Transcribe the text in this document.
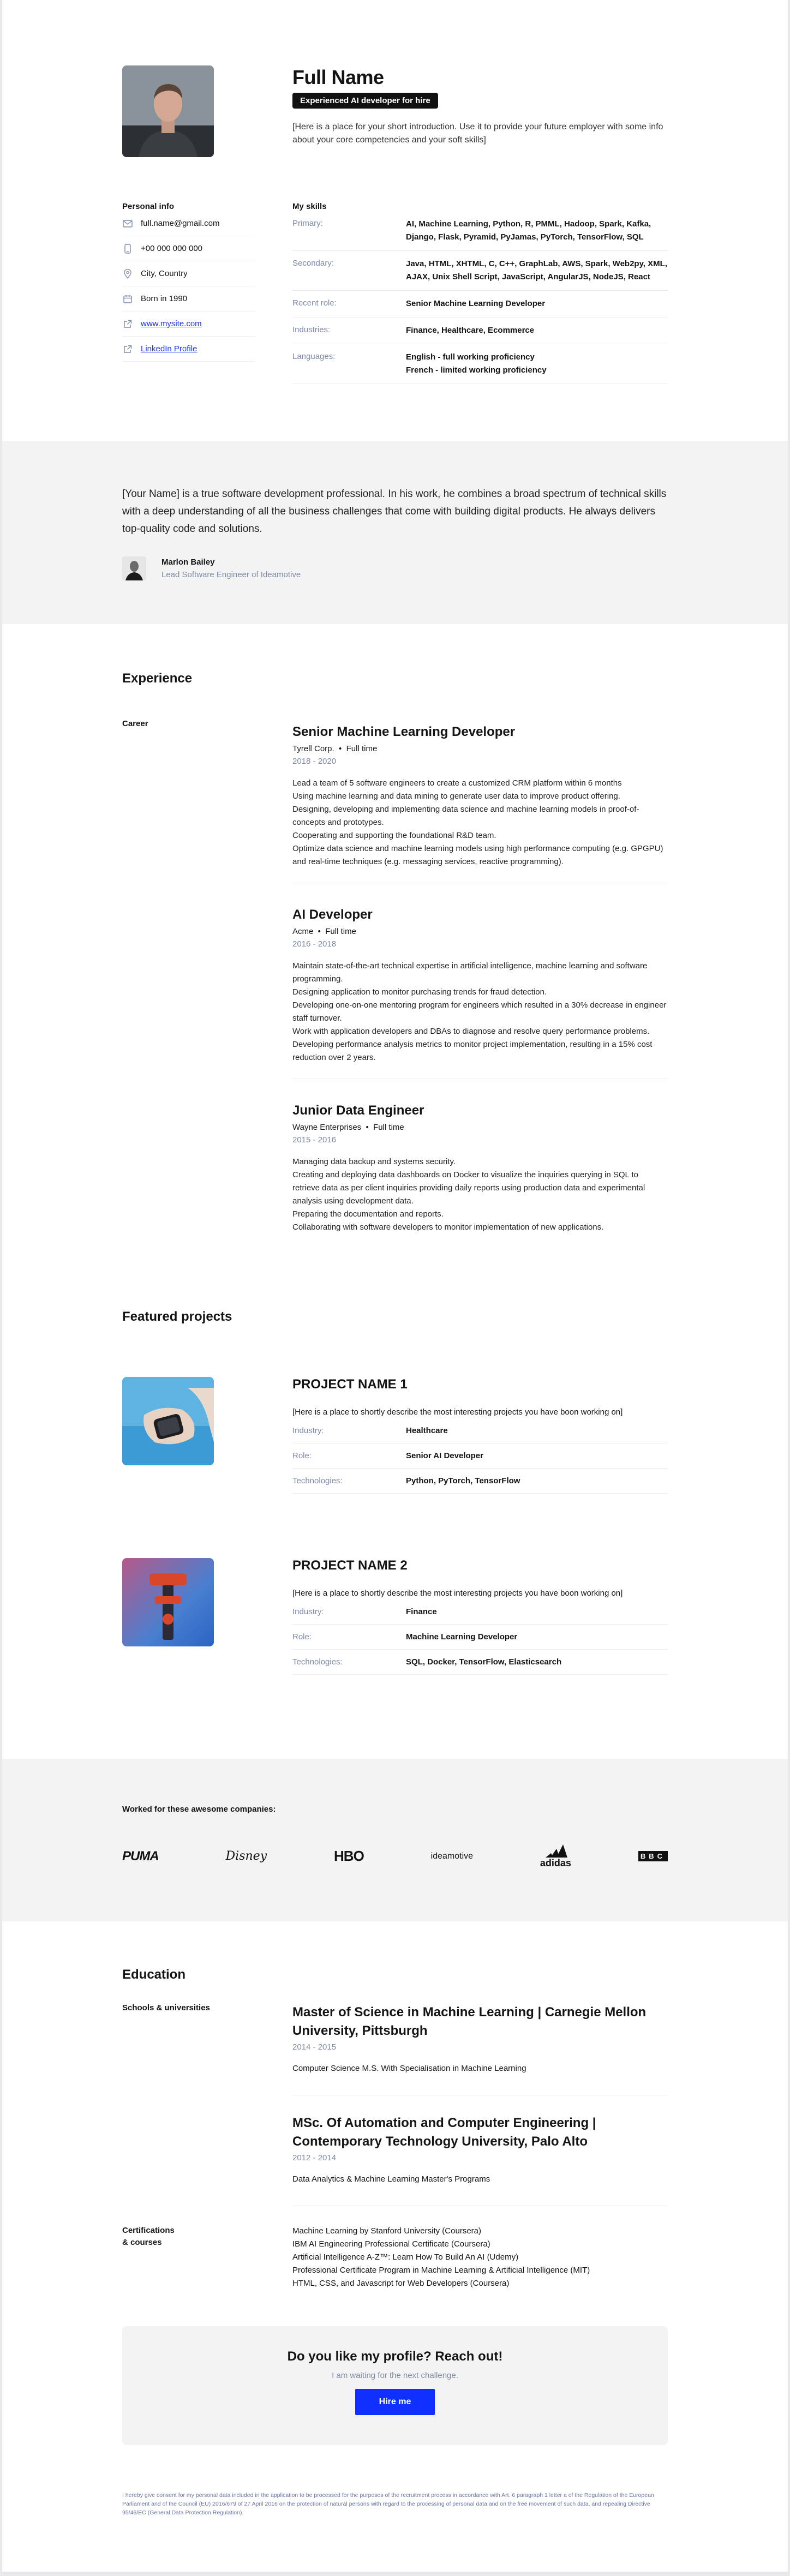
Full Name
Experienced AI developer for hire
[Here is a place for your short introduction. Use it to provide your future employer with some info about your core competencies and your soft skills]
Personal info
full.name@gmail.com
+00 000 000 000
City, Country
Born in 1990
www.mysite.com
LinkedIn Profile
My skills
Primary:	AI, Machine Learning, Python, R, PMML, Hadoop, Spark, Kafka, Django, Flask, Pyramid, PyJamas, PyTorch, TensorFlow, SQL
Secondary:	Java, HTML, XHTML, C, C++, GraphLab, AWS, Spark, Web2py, XML, AJAX, Unix Shell Script, JavaScript, AngularJS, NodeJS, React
Recent role:	Senior Machine Learning Developer
Industries:	Finance, Healthcare, Ecommerce
Languages:	English - full working proficiency
French - limited working proficiency
[Your Name] is a true software development professional. In his work, he combines a broad spectrum of technical skills with a deep understanding of all the business challenges that come with building digital products. He always delivers top-quality code and solutions.
Marlon Bailey
Lead Software Engineer of Ideamotive
Experience
Career
Senior Machine Learning Developer
Tyrell Corp.  •  Full time
2018 - 2020
Lead a team of 5 software engineers to create a customized CRM platform within 6 months
Using machine learning and data mining to generate user data to improve product offering.
Designing, developing and implementing data science and machine learning models in proof-of-concepts and prototypes.
Cooperating and supporting the foundational R&D team.
Optimize data science and machine learning models using high performance computing (e.g. GPGPU) and real-time techniques (e.g. messaging services, reactive programming).
AI Developer
Acme  •  Full time
2016 - 2018
Maintain state-of-the-art technical expertise in artificial intelligence, machine learning and software programming.
Designing application to monitor purchasing trends for fraud detection.
Developing one-on-one mentoring program for engineers which resulted in a 30% decrease in engineer staff turnover.
Work with application developers and DBAs to diagnose and resolve query performance problems.
Developing performance analysis metrics to monitor project implementation, resulting in a 15% cost reduction over 2 years.
Junior Data Engineer
Wayne Enterprises  •  Full time
2015 - 2016
Managing data backup and systems security.
Creating and deploying data dashboards on Docker to visualize the inquiries querying in SQL to retrieve data as per client inquiries providing daily reports using production data and experimental analysis using development data.
Preparing the documentation and reports.
Collaborating with software developers to monitor implementation of new applications.
Featured projects
PROJECT NAME 1
[Here is a place to shortly describe the most interesting projects you have boon working on]
Industry:	Healthcare
Role:	Senior AI Developer
Technologies:	Python, PyTorch, TensorFlow
PROJECT NAME 2
[Here is a place to shortly describe the most interesting projects you have boon working on]
Industry:	Finance
Role:	Machine Learning Developer
Technologies:	SQL, Docker, TensorFlow, Elasticsearch
Worked for these awesome companies:
PUMA	Disney	HBO	ideamotive
adidas
BBC
Education
Schools & universities	Master of Science in Machine Learning | Carnegie Mellon University, Pittsburgh
2014 - 2015
Computer Science M.S. With Specialisation in Machine Learning
MSc. Of Automation and Computer Engineering | Contemporary Technology University, Palo Alto
2012 - 2014
Data Analytics & Machine Learning Master's Programs
Certifications
& courses
Machine Learning by Stanford University (Coursera)
IBM AI Engineering Professional Certificate (Coursera)
Artificial Intelligence A-Z™: Learn How To Build An AI (Udemy)
Professional Certificate Program in Machine Learning & Artificial Intelligence (MIT)
HTML, CSS, and Javascript for Web Developers (Coursera)
Do you like my profile? Reach out!
I am waiting for the next challenge.
Hire me
I hereby give consent for my personal data included in the application to be processed for the purposes of the recruitment process in accordance with Art. 6 paragraph 1 letter a of the Regulation of the European Parliament and of the Council (EU) 2016/679 of 27 April 2016 on the protection of natural persons with regard to the processing of personal data and on the free movement of such data, and repealing Directive 95/46/EC (General Data Protection Regulation).
